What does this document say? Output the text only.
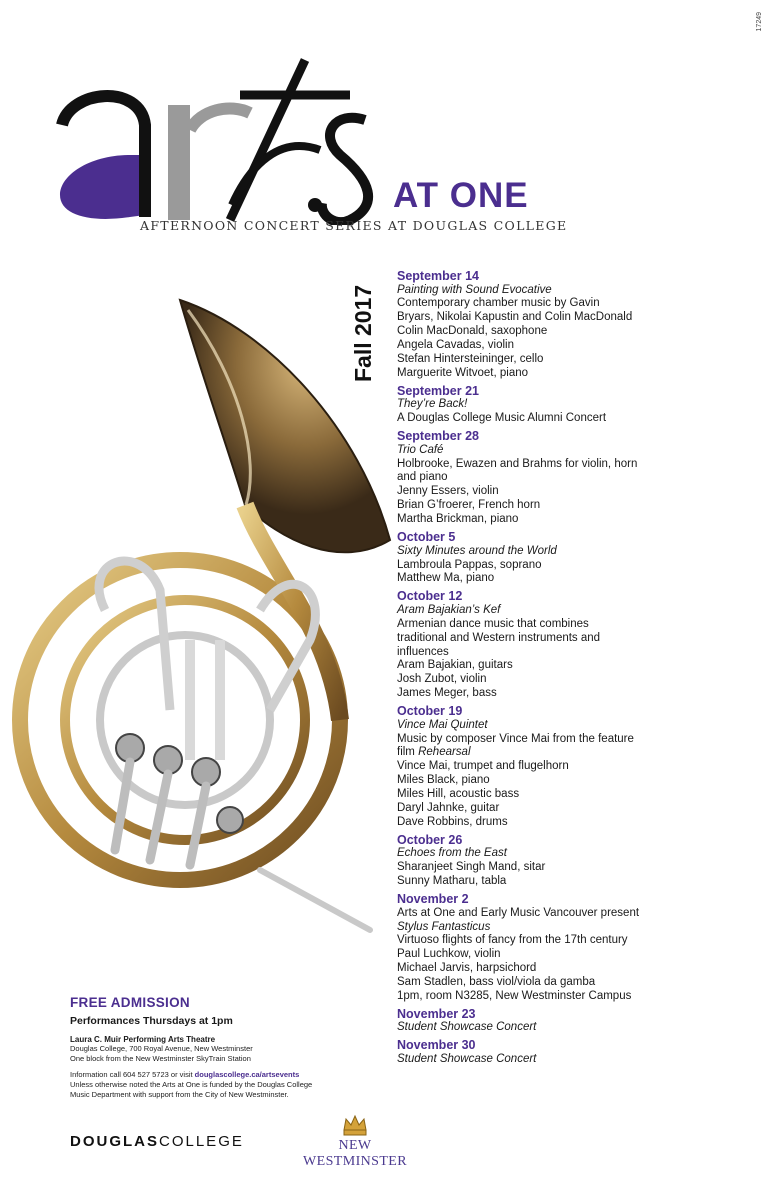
17249
AT ONE
AFTERNOON CONCERT SERIES AT DOUGLAS COLLEGE
Fall 2017
September 14
Painting with Sound Evocative
Contemporary chamber music by Gavin
Bryars, Nikolai Kapustin and Colin MacDonald
Colin MacDonald, saxophone
Angela Cavadas, violin
Stefan Hintersteininger, cello
Marguerite Witvoet, piano
September 21
They’re Back!
A Douglas College Music Alumni Concert
September 28
Trio Café
Holbrooke, Ewazen and Brahms for violin, horn
and piano
Jenny Essers, violin
Brian G’froerer, French horn
Martha Brickman, piano
October 5
Sixty Minutes around the World
Lambroula Pappas, soprano
Matthew Ma, piano
October 12
Aram Bajakian’s Kef
Armenian dance music that combines
traditional and Western instruments and
influences
Aram Bajakian, guitars
Josh Zubot, violin
James Meger, bass
October 19
Vince Mai Quintet
Music by composer Vince Mai from the feature
film Rehearsal
Vince Mai, trumpet and flugelhorn
Miles Black, piano
Miles Hill, acoustic bass
Daryl Jahnke, guitar
Dave Robbins, drums
October 26
Echoes from the East
Sharanjeet Singh Mand, sitar
Sunny Matharu, tabla
November 2
Arts at One and Early Music Vancouver present
Stylus Fantasticus
Virtuoso flights of fancy from the 17th century
Paul Luchkow, violin
Michael Jarvis, harpsichord
Sam Stadlen, bass viol/viola da gamba
1pm, room N3285, New Westminster Campus
November 23
Student Showcase Concert
November 30
Student Showcase Concert
FREE ADMISSION
Performances Thursdays at 1pm
Laura C. Muir Performing Arts Theatre
Douglas College, 700 Royal Avenue, New Westminster
One block from the New Westminster SkyTrain Station
Information call 604 527 5723 or visit douglascollege.ca/artsevents
Unless otherwise noted the Arts at One is funded by the Douglas College
Music Department with support from the City of New Westminster.
DOUGLASCOLLEGE	NEW WESTMINSTER
